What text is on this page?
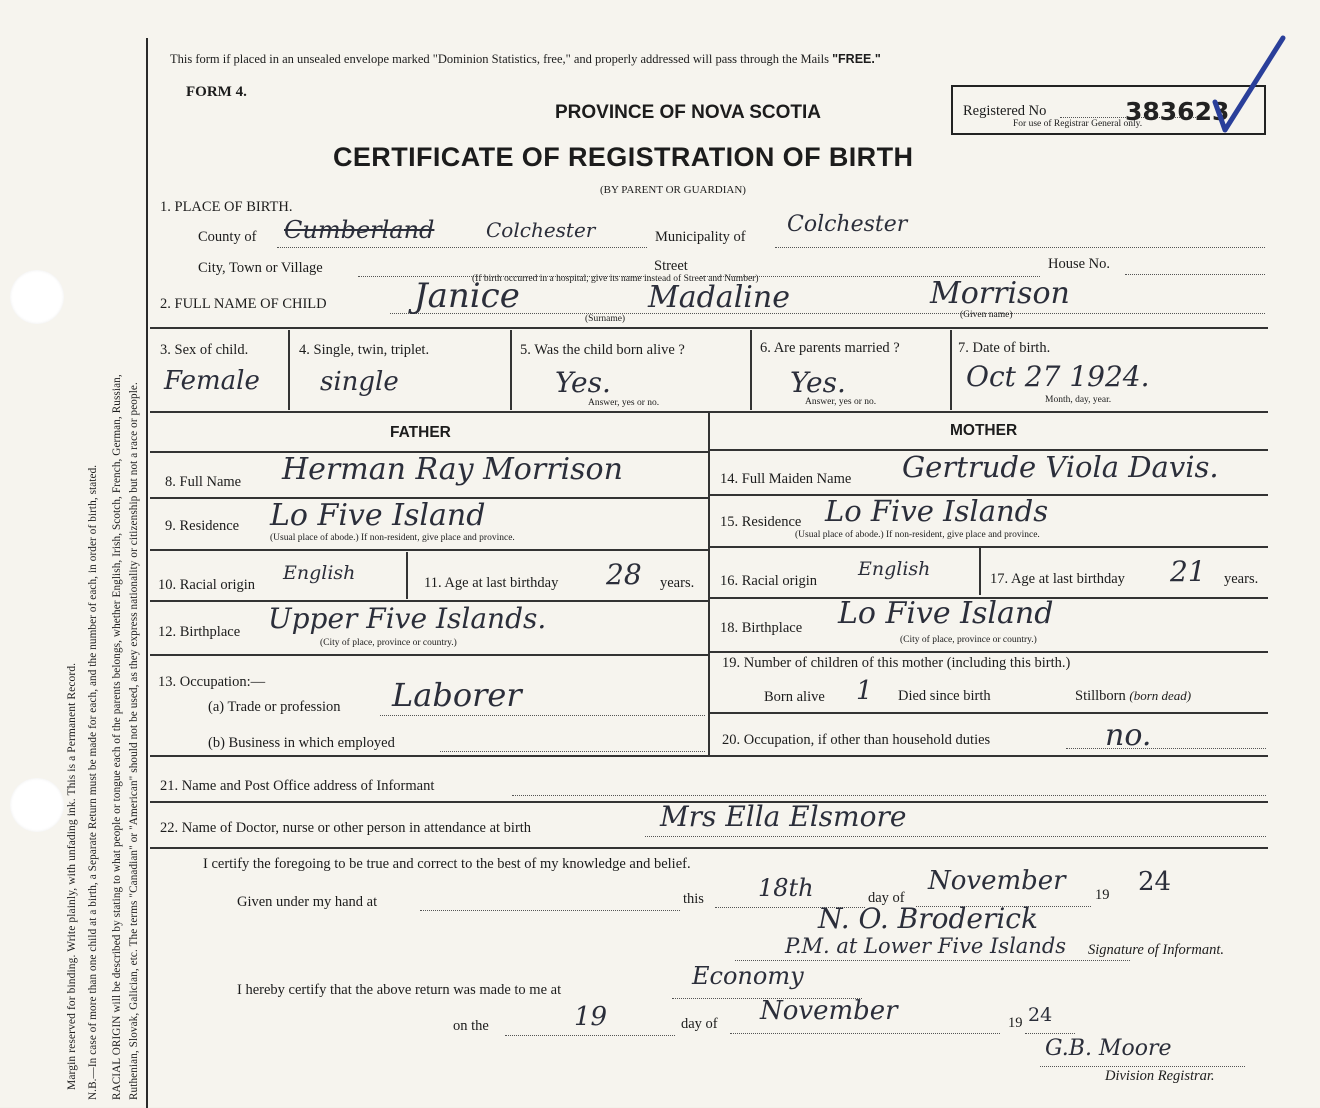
Margin reserved for binding. Write plainly, with unfading ink. This is a Permanent Record. N.B.—In case of more than one child at a birth, a Separate Return must be made for each, and the number of each, in order of birth, stated. RACIAL ORIGIN will be described by stating to what people or tongue each of the parents belongs, whether English, Irish, Scotch, French, German, Russian, Ruthenian, Slovak, Galician, etc. The terms "Canadian" or "American" should not be used, as they express nationality or citizenship but not a race or people.
This form if placed in an unsealed envelope marked "Dominion Statistics, free," and properly addressed will pass through the Mails "FREE."
FORM 4.
PROVINCE OF NOVA SCOTIA
CERTIFICATE OF REGISTRATION OF BIRTH
(BY PARENT OR GUARDIAN)
Registered No	383623
For use of Registrar General only.
1. PLACE OF BIRTH.
County of Cumberland	Colchester	Municipality of Colchester
City, Town or Village	Street	House No.
(If birth occurred in a hospital, give its name instead of Street and Number)
2. FULL NAME OF CHILD	Janice
(Surname)
Madaline	(Given name)
Morrison
3. Sex of child.
Female
4. Single, twin, triplet.
single
5. Was the child born alive ?
Yes.
Answer, yes or no.
6. Are parents married ?
Yes.
Answer, yes or no.
7. Date of birth.
Oct 27 1924.
Month, day, year.
FATHER
8. Full Name Herman Ray Morrison
9. Residence Lo Five Island
(Usual place of abode.) If non-resident, give place and province.
10. Racial origin
English	11. Age at last birthday 28 years.
12. Birthplace Upper Five Islands.
(City of place, province or country.)
13. Occupation:—
(a) Trade or profession Laborer
(b) Business in which employed
MOTHER
14. Full Maiden Name Gertrude Viola Davis.
15. Residence Lo Five Islands
(Usual place of abode.) If non-resident, give place and province.
16. Racial origin
English	17. Age at last birthday 21 years.
18. Birthplace Lo Five Island
(City of place, province or country.)
19. Number of children of this mother (including this birth.)
Born alive 1 Died since birth	Stillborn (born dead)
20. Occupation, if other than household duties	no.
21. Name and Post Office address of Informant
22. Name of Doctor, nurse or other person in attendance at birth	Mrs Ella Elsmore
I certify the foregoing to be true and correct to the best of my knowledge and belief.
Given under my hand at	this 18th	day of
November 19 24
N. O. Broderick
P.M. at Lower Five Islands Signature of Informant.
I hereby certify that the above return was made to me at	Economy
on the	19	day of November	19 24
G.B. Moore
Division Registrar.
